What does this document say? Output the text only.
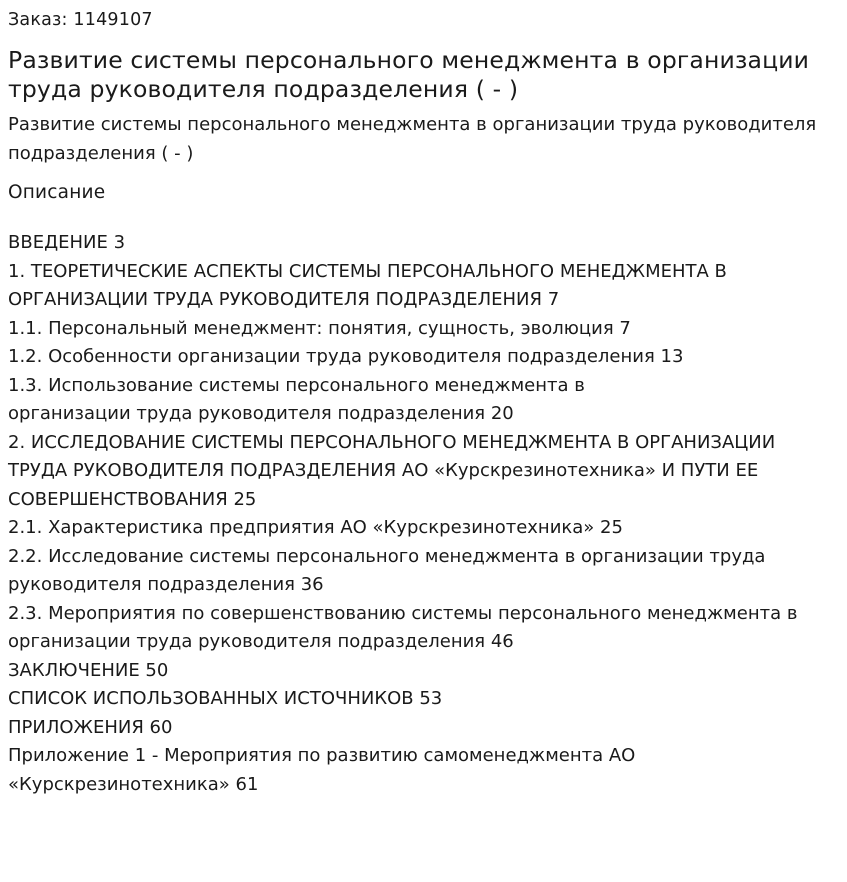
Заказ: 1149107
Развитие системы персонального менеджмента в организации труда руководителя подразделения ( - )
Развитие системы персонального менеджмента в организации труда руководителя подразделения ( - )
Описание
ВВЕДЕНИЕ 3
1. ТЕОРЕТИЧЕСКИЕ АСПЕКТЫ СИСТЕМЫ ПЕРСОНАЛЬНОГО МЕНЕДЖМЕНТА В ОРГАНИЗАЦИИ ТРУДА РУКОВОДИТЕЛЯ ПОДРАЗДЕЛЕНИЯ 7
1.1. Персональный менеджмент: понятия, сущность, эволюция 7
1.2. Особенности организации труда руководителя подразделения 13
1.3. Использование системы персонального менеджмента в
организации труда руководителя подразделения 20
2. ИССЛЕДОВАНИЕ СИСТЕМЫ ПЕРСОНАЛЬНОГО МЕНЕДЖМЕНТА В ОРГАНИЗАЦИИ ТРУДА РУКОВОДИТЕЛЯ ПОДРАЗДЕЛЕНИЯ АО «Курскрезинотехника» И ПУТИ ЕЕ СОВЕРШЕНСТВОВАНИЯ 25
2.1. Характеристика предприятия АО «Курскрезинотехника» 25
2.2. Исследование системы персонального менеджмента в организации труда руководителя подразделения 36
2.3. Мероприятия по совершенствованию системы персонального менеджмента в организации труда руководителя подразделения 46
ЗАКЛЮЧЕНИЕ 50
СПИСОК ИСПОЛЬЗОВАННЫХ ИСТОЧНИКОВ 53
ПРИЛОЖЕНИЯ 60
Приложение 1 - Мероприятия по развитию самоменеджмента АО «Курскрезинотехника» 61
